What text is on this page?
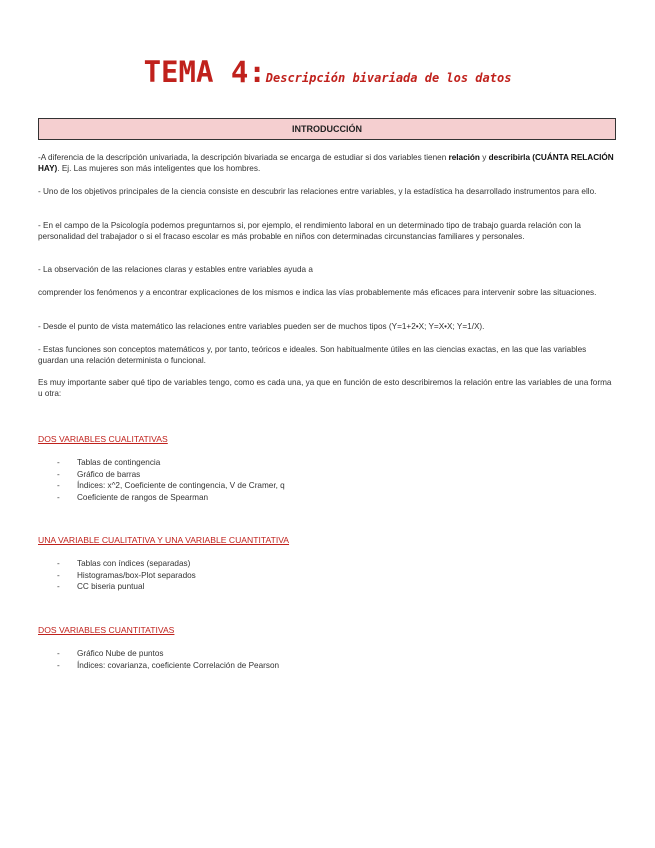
TEMA 4:Descripción bivariada de los datos
INTRODUCCIÓN
-A diferencia de la descripción univariada, la descripción bivariada se encarga de estudiar si dos variables tienen relación y describirla (CUÁNTA RELACIÓN HAY). Ej. Las mujeres son más inteligentes que los hombres.
- Uno de los objetivos principales de la ciencia consiste en descubrir las relaciones entre variables, y la estadística ha desarrollado instrumentos para ello.
- En el campo de la Psicología podemos preguntarnos si, por ejemplo, el rendimiento laboral en un determinado tipo de trabajo guarda relación con la personalidad del trabajador o si el fracaso escolar es más probable en niños con determinadas circunstancias familiares y personales.
- La observación de las relaciones claras y estables entre variables ayuda a
comprender los fenómenos y a encontrar explicaciones de los mismos e indica las vías probablemente más eficaces para intervenir sobre las situaciones.
- Desde el punto de vista matemático las relaciones entre variables pueden ser de muchos tipos (Y=1+2•X; Y=X•X; Y=1/X).
- Estas funciones son conceptos matemáticos y, por tanto, teóricos e ideales. Son habitualmente útiles en las ciencias exactas, en las que las variables guardan una relación determinista o funcional.
Es muy importante saber qué tipo de variables tengo, como es cada una, ya que en función de esto describiremos la relación entre las variables de una forma u otra:
DOS VARIABLES CUALITATIVAS
- Tablas de contingencia
- Gráfico de barras
- Índices: x^2, Coeficiente de contingencia, V de Cramer, q
- Coeficiente de rangos de Spearman
UNA VARIABLE CUALITATIVA Y UNA VARIABLE CUANTITATIVA
- Tablas con índices (separadas)
- Histogramas/box-Plot separados
- CC biseria puntual
DOS VARIABLES CUANTITATIVAS
- Gráfico Nube de puntos
- Índices: covarianza, coeficiente Correlación de Pearson
